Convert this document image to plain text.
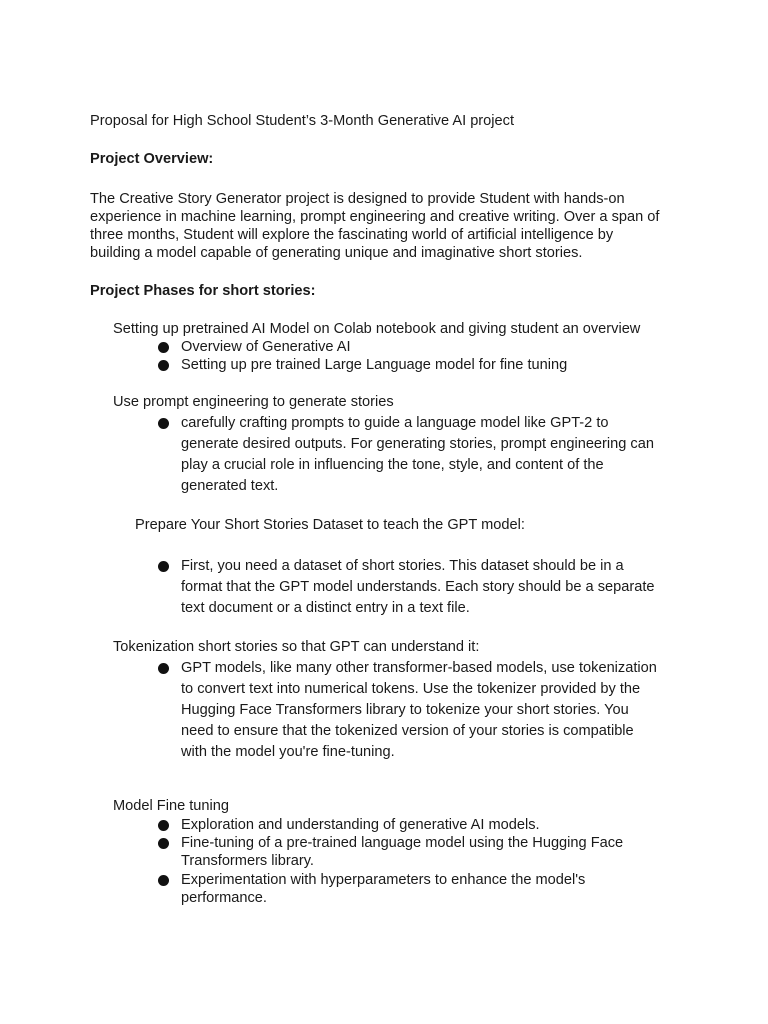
Proposal for High School Student’s 3-Month Generative AI project
Project Overview:
The Creative Story Generator project is designed to provide Student with hands-on
experience in machine learning, prompt engineering and creative writing. Over a span of
three months, Student will explore the fascinating world of artificial intelligence by
building a model capable of generating unique and imaginative short stories.
Project Phases for short stories:
Setting up pretrained AI Model on Colab notebook and giving student an overview
Overview of Generative AI
Setting up pre trained Large Language model for fine tuning
Use prompt engineering to generate stories
carefully crafting prompts to guide a language model like GPT-2 to
generate desired outputs. For generating stories, prompt engineering can
play a crucial role in influencing the tone, style, and content of the
generated text.
Prepare Your Short Stories Dataset to teach the GPT model:
First, you need a dataset of short stories. This dataset should be in a
format that the GPT model understands. Each story should be a separate
text document or a distinct entry in a text file.
Tokenization short stories so that GPT can understand it:
GPT models, like many other transformer-based models, use tokenization
to convert text into numerical tokens. Use the tokenizer provided by the
Hugging Face Transformers library to tokenize your short stories. You
need to ensure that the tokenized version of your stories is compatible
with the model you're fine-tuning.
Model Fine tuning
Exploration and understanding of generative AI models.
Fine-tuning of a pre-trained language model using the Hugging Face
Transformers library.
Experimentation with hyperparameters to enhance the model's
performance.
